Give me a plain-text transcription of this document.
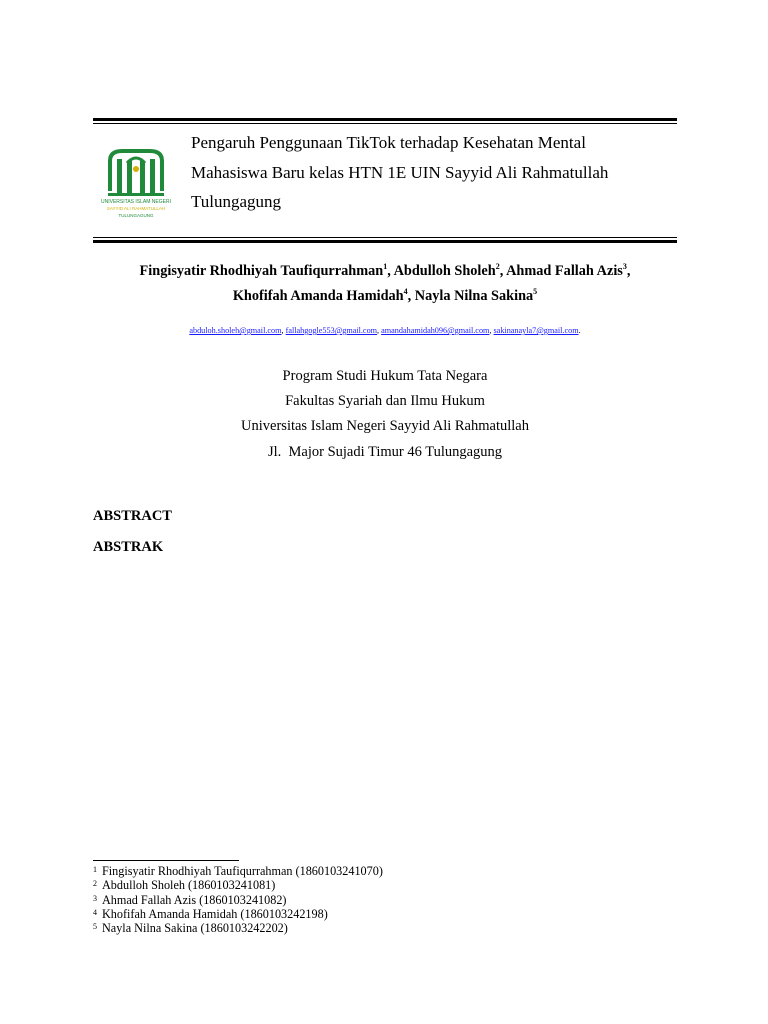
UNIVERSITAS ISLAM NEGERI
SAYYID ALI RAHMATULLAH
TULUNGAGUNG
Pengaruh Penggunaan TikTok terhadap Kesehatan Mental
Mahasiswa Baru kelas HTN 1E UIN Sayyid Ali Rahmatullah
Tulungagung
Fingisyatir Rhodhiyah Taufiqurrahman$^1$, Abdulloh Sholeh$^2$, Ahmad Fallah Azis$^3$,
Khofifah Amanda Hamidah$^4$, Nayla Nilna Sakina$^5$
abduloh.sholeh@gmail.com, fallahgogle553@gmail.com, amandahamidah096@gmail.com, sakinanayla7@gmail.com.
Program Studi Hukum Tata Negara
Fakultas Syariah dan Ilmu Hukum
Universitas Islam Negeri Sayyid Ali Rahmatullah
Jl.  Major Sujadi Timur 46 Tulungagung
ABSTRACT
ABSTRAK
1 Fingisyatir Rhodhiyah Taufiqurrahman (1860103241070)
2 Abdulloh Sholeh (1860103241081)
3 Ahmad Fallah Azis (1860103241082)
4 Khofifah Amanda Hamidah (1860103242198)
5 Nayla Nilna Sakina (1860103242202)
